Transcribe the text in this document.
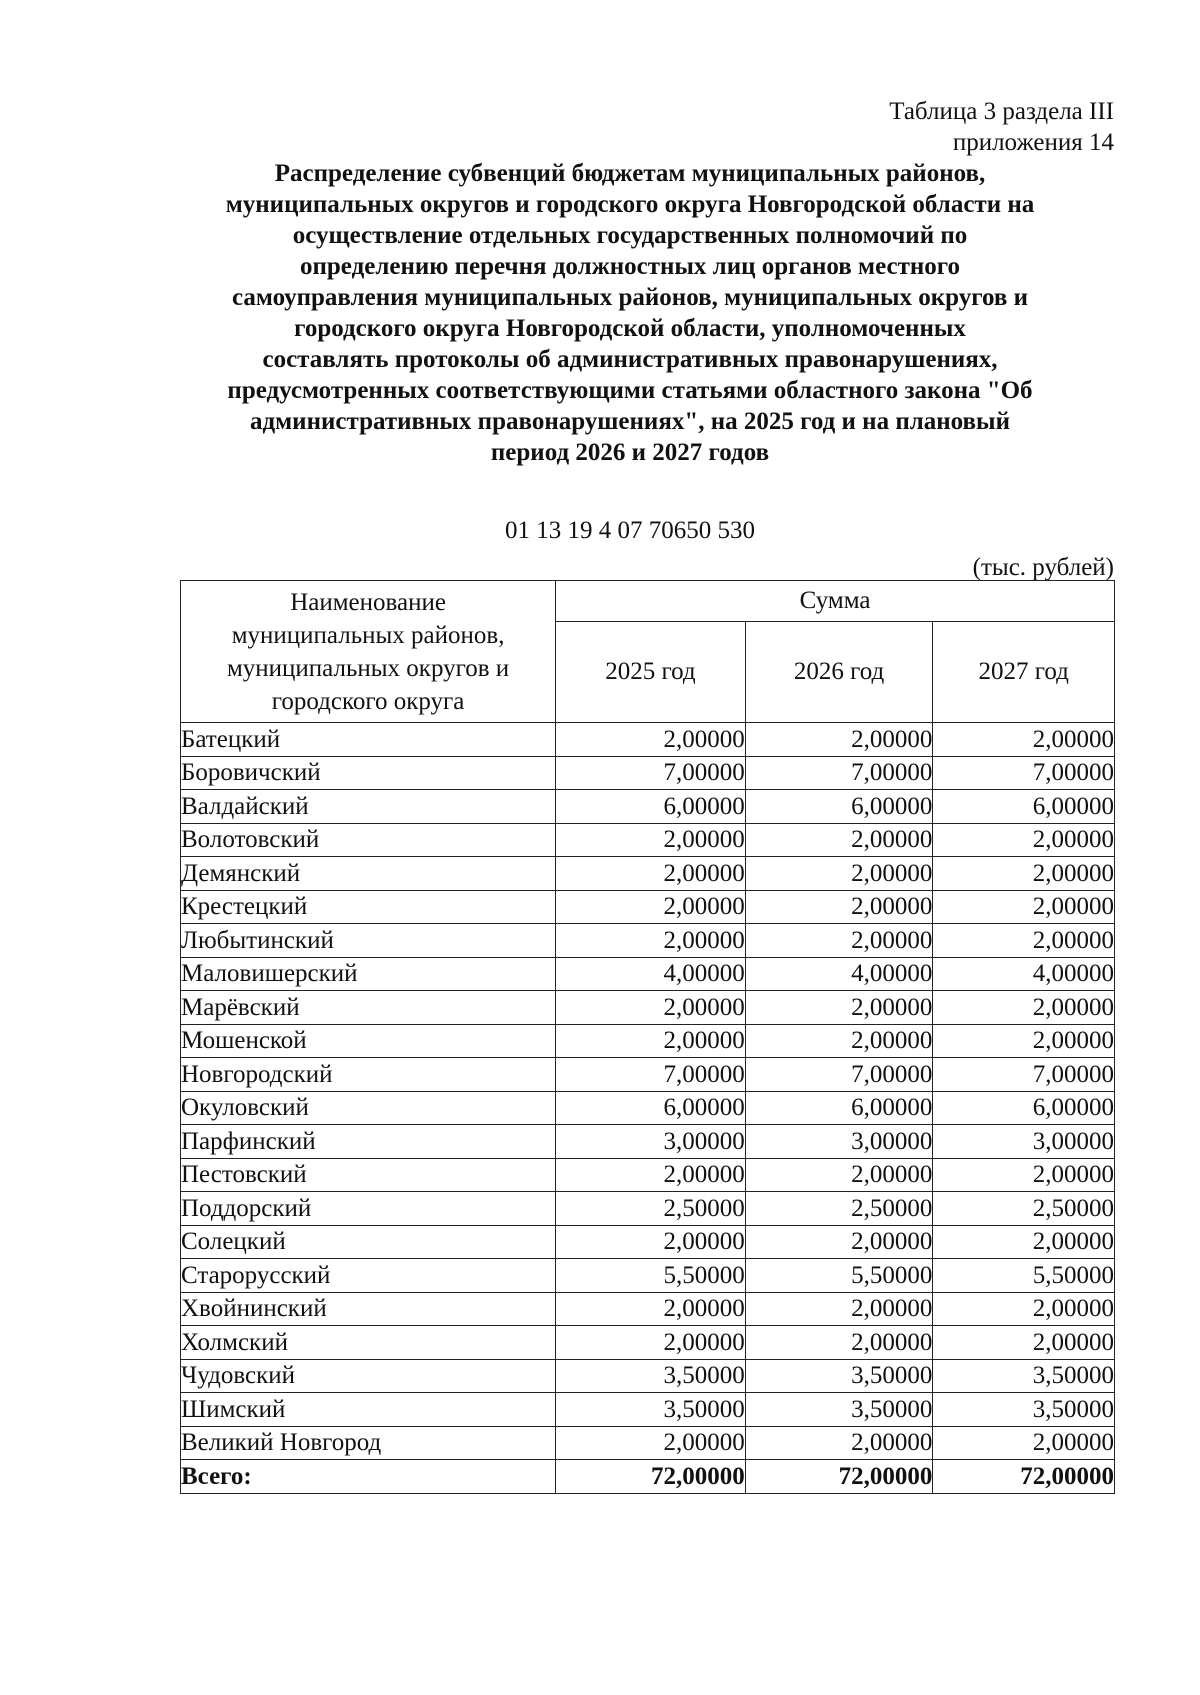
Таблица 3 раздела III
приложения 14
Распределение субвенций бюджетам муниципальных районов,
муниципальных округов и городского округа Новгородской области на
осуществление отдельных государственных полномочий по
определению перечня должностных лиц органов местного
самоуправления муниципальных районов, муниципальных округов и
городского округа Новгородской области, уполномоченных
составлять протоколы об административных правонарушениях,
предусмотренных соответствующими статьями областного закона "Об
административных правонарушениях", на 2025 год и на плановый
период 2026 и 2027 годов
01 13 19 4 07 70650 530
(тыс. рублей)
Наименование
муниципальных районов,
муниципальных округов и
городского округа	Сумма		
	2025 год	2026 год	2027 год
Батецкий	2,00000	2,00000	2,00000
Боровичский	7,00000	7,00000	7,00000
Валдайский	6,00000	6,00000	6,00000
Волотовский	2,00000	2,00000	2,00000
Демянский	2,00000	2,00000	2,00000
Крестецкий	2,00000	2,00000	2,00000
Любытинский	2,00000	2,00000	2,00000
Маловишерский	4,00000	4,00000	4,00000
Марёвский	2,00000	2,00000	2,00000
Мошенской	2,00000	2,00000	2,00000
Новгородский	7,00000	7,00000	7,00000
Окуловский	6,00000	6,00000	6,00000
Парфинский	3,00000	3,00000	3,00000
Пестовский	2,00000	2,00000	2,00000
Поддорский	2,50000	2,50000	2,50000
Солецкий	2,00000	2,00000	2,00000
Старорусский	5,50000	5,50000	5,50000
Хвойнинский	2,00000	2,00000	2,00000
Холмский	2,00000	2,00000	2,00000
Чудовский	3,50000	3,50000	3,50000
Шимский	3,50000	3,50000	3,50000
Великий Новгород	2,00000	2,00000	2,00000
Всего:	72,00000	72,00000	72,00000
